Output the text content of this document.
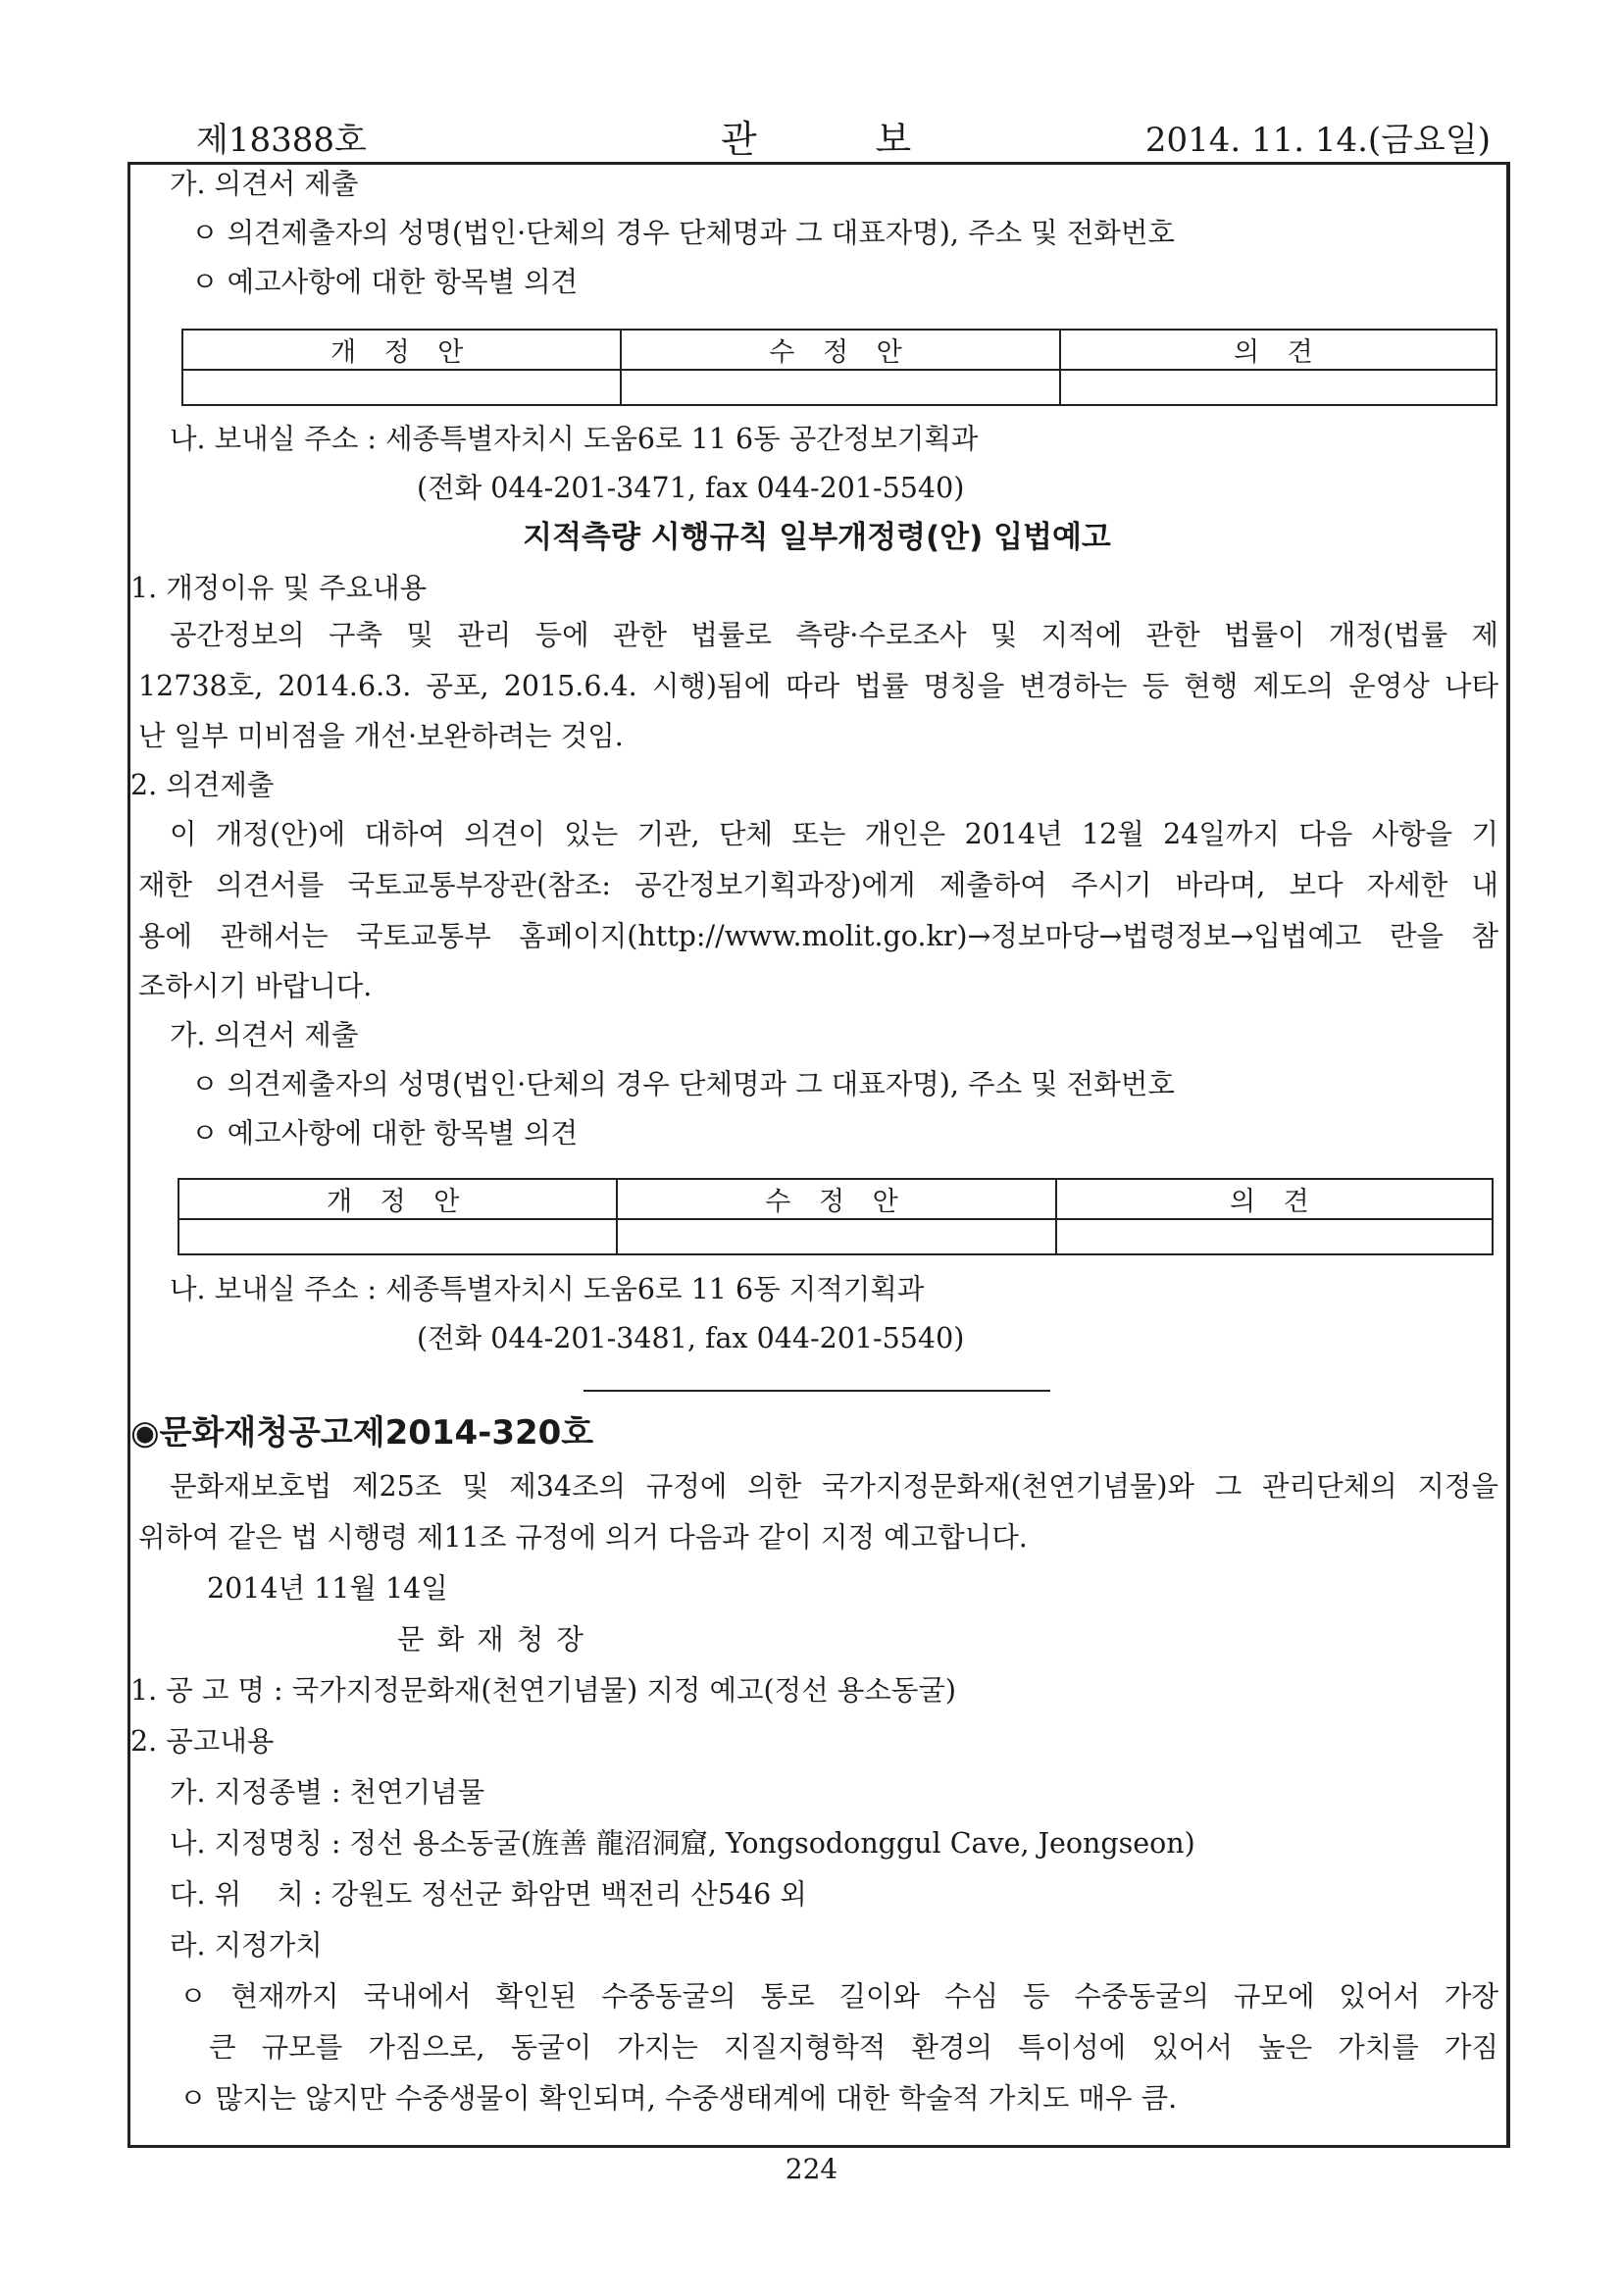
제18388호	관          보	2014. 11. 14.(금요일)
가. 의견서 제출
ㅇ 의견제출자의 성명(법인·단체의 경우 단체명과 그 대표자명), 주소 및 전화번호
ㅇ 예고사항에 대한 항목별 의견
개 정 안	수 정 안	의 견

나. 보내실 주소 : 세종특별자치시 도움6로 11 6동 공간정보기획과
(전화 044-201-3471, fax 044-201-5540)
지적측량 시행규칙 일부개정령(안) 입법예고
1. 개정이유 및 주요내용
공간정보의 구축 및 관리 등에 관한 법률로 측량·수로조사 및 지적에 관한 법률이 개정(법률 제
12738호, 2014.6.3. 공포, 2015.6.4. 시행)됨에 따라 법률 명칭을 변경하는 등 현행 제도의 운영상 나타
난 일부 미비점을 개선·보완하려는 것임.
2. 의견제출
이 개정(안)에 대하여 의견이 있는 기관, 단체 또는 개인은 2014년 12월 24일까지 다음 사항을 기
재한 의견서를 국토교통부장관(참조: 공간정보기획과장)에게 제출하여 주시기 바라며, 보다 자세한 내
용에 관해서는 국토교통부 홈페이지(http://www.molit.go.kr)→정보마당→법령정보→입법예고 란을 참
조하시기 바랍니다.
가. 의견서 제출
ㅇ 의견제출자의 성명(법인·단체의 경우 단체명과 그 대표자명), 주소 및 전화번호
ㅇ 예고사항에 대한 항목별 의견
개 정 안	수 정 안	의 견

나. 보내실 주소 : 세종특별자치시 도움6로 11 6동 지적기획과
(전화 044-201-3481, fax 044-201-5540)
◉문화재청공고제2014-320호
문화재보호법 제25조 및 제34조의 규정에 의한 국가지정문화재(천연기념물)와 그 관리단체의 지정을
위하여 같은 법 시행령 제11조 규정에 의거 다음과 같이 지정 예고합니다.
2014년 11월 14일
문 화 재 청 장
1. 공 고 명 : 국가지정문화재(천연기념물) 지정 예고(정선 용소동굴)
2. 공고내용
가. 지정종별 : 천연기념물
나. 지정명칭 : 정선 용소동굴(旌善 龍沼洞窟, Yongsodonggul Cave, Jeongseon)
다. 위    치 : 강원도 정선군 화암면 백전리 산546 외
라. 지정가치
ㅇ 현재까지 국내에서 확인된 수중동굴의 통로 길이와 수심 등 수중동굴의 규모에 있어서 가장
큰 규모를 가짐으로, 동굴이 가지는 지질지형학적 환경의 특이성에 있어서 높은 가치를 가짐
ㅇ 많지는 않지만 수중생물이 확인되며, 수중생태계에 대한 학술적 가치도 매우 큼.
224
